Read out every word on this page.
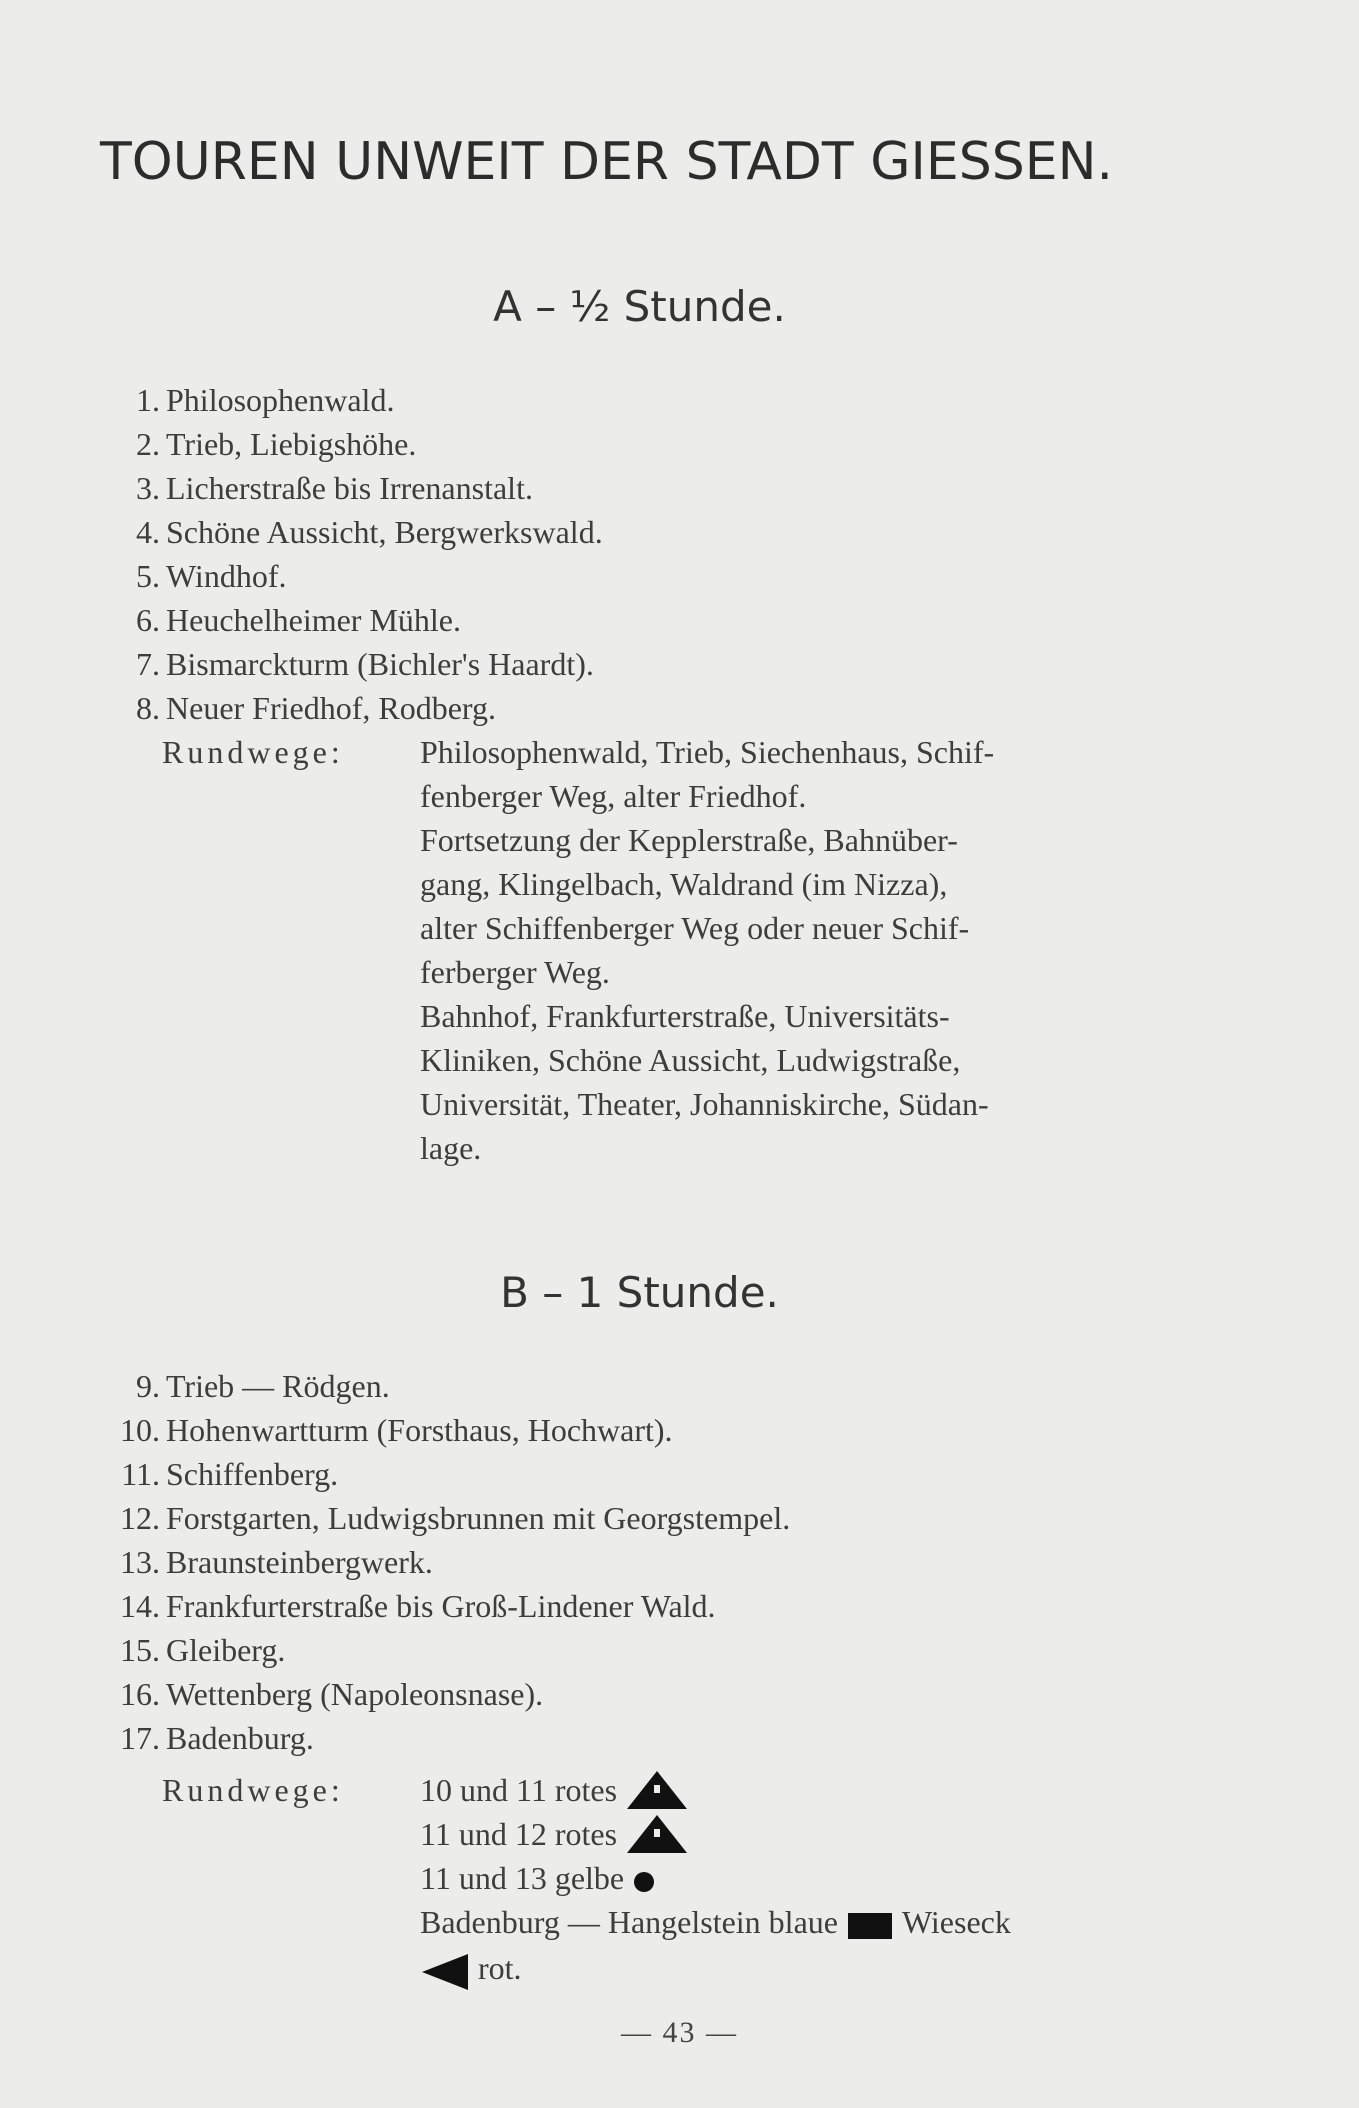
TOUREN UNWEIT DER STADT GIESSEN.
A – ½ Stunde.
1. Philosophenwald.
2. Trieb, Liebigshöhe.
3. Licherstraße bis Irrenanstalt.
4. Schöne Aussicht, Bergwerkswald.
5. Windhof.
6. Heuchelheimer Mühle.
7. Bismarckturm (Bichler's Haardt).
8. Neuer Friedhof, Rodberg.
Rundwege: Philosophenwald, Trieb, Siechenhaus, Schif-
fenberger Weg, alter Friedhof.
Fortsetzung der Kepplerstraße, Bahnüber-
gang, Klingelbach, Waldrand (im Nizza),
alter Schiffenberger Weg oder neuer Schif-
ferberger Weg.
Bahnhof, Frankfurterstraße, Universitäts-
Kliniken, Schöne Aussicht, Ludwigstraße,
Universität, Theater, Johanniskirche, Südan-
lage.
B – 1 Stunde.
9. Trieb — Rödgen.
10. Hohenwartturm (Forsthaus, Hochwart).
11. Schiffenberg.
12. Forstgarten, Ludwigsbrunnen mit Georgstempel.
13. Braunsteinbergwerk.
14. Frankfurterstraße bis Groß-Lindener Wald.
15. Gleiberg.
16. Wettenberg (Napoleonsnase).
17. Badenburg.
Rundwege: 10 und 11 rotes
11 und 12 rotes
11 und 13 gelbe
Badenburg — Hangelstein blaue Wieseck
rot.
— 43 —
